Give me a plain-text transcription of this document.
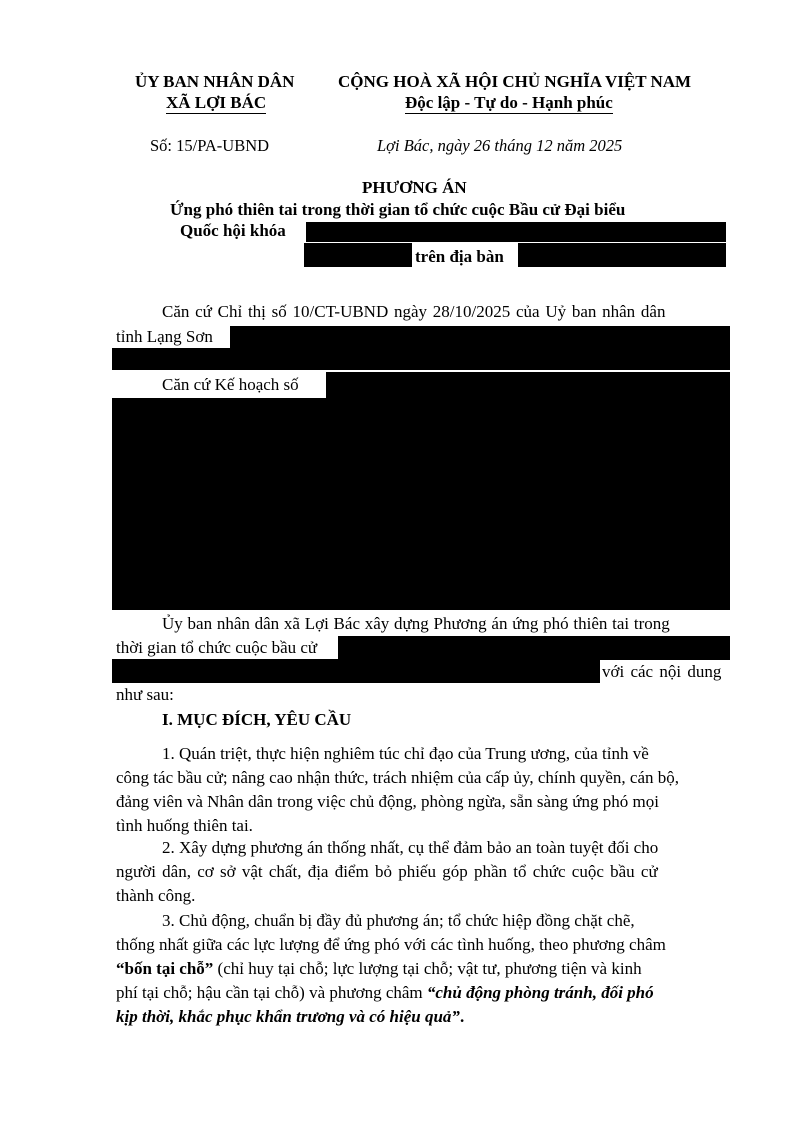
ỦY BAN NHÂN DÂN
XÃ LỢI BÁC
CỘNG HOÀ XÃ HỘI CHỦ NGHĨA VIỆT NAM
Độc lập - Tự do - Hạnh phúc
Số: 15/PA-UBND	Lợi Bác, ngày 26 tháng 12 năm 2025
PHƯƠNG ÁN
Ứng phó thiên tai trong thời gian tổ chức cuộc Bầu cử Đại biểu
Quốc hội khóa
trên địa bàn
Căn cứ Chỉ thị số 10/CT-UBND ngày 28/10/2025 của Uỷ ban nhân dân
tỉnh Lạng Sơn
Căn cứ Kế hoạch số
Ủy ban nhân dân xã Lợi Bác xây dựng Phương án ứng phó thiên tai trong
thời gian tổ chức cuộc bầu cử
với các nội dung
như sau:
I. MỤC ĐÍCH, YÊU CẦU
1. Quán triệt, thực hiện nghiêm túc chỉ đạo của Trung ương, của tỉnh về
công tác bầu cử; nâng cao nhận thức, trách nhiệm của cấp ủy, chính quyền, cán bộ,
đảng viên và Nhân dân trong việc chủ động, phòng ngừa, sẵn sàng ứng phó mọi
tình huống thiên tai.
2. Xây dựng phương án thống nhất, cụ thể đảm bảo an toàn tuyệt đối cho
người dân, cơ sở vật chất, địa điểm bỏ phiếu góp phần tổ chức cuộc bầu cử
thành công.
3. Chủ động, chuẩn bị đầy đủ phương án; tổ chức hiệp đồng chặt chẽ,
thống nhất giữa các lực lượng để ứng phó với các tình huống, theo phương châm
“bốn tại chỗ” (chỉ huy tại chỗ; lực lượng tại chỗ; vật tư, phương tiện và kinh
phí tại chỗ; hậu cần tại chỗ) và phương châm “chủ động phòng tránh, đối phó
kịp thời, khắc phục khẩn trương và có hiệu quả”.
